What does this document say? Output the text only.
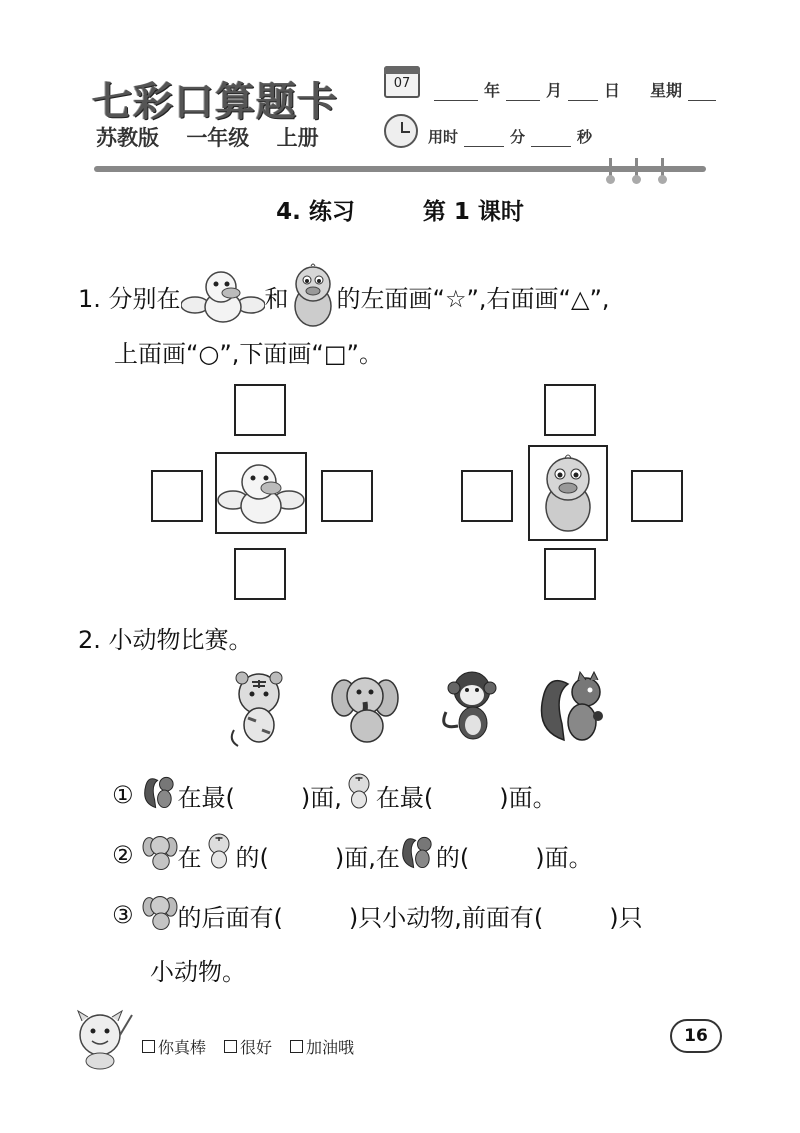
七彩口算题卡
苏教版 一年级 上册
07	年	月	日 星期
用时	分	秒
4. 练习	第 1 课时
1. 分别在	和 的左面画“☆”,右面画“△”,
上面画“○”,下面画“□”。
2. 小动物比赛。
① 在最(	)面, 在最(	)面。
② 在 的(	)面,在 的(	)面。
③ 的后面有(	)只小动物,前面有(	)只
小动物。
你真棒 很好 加油哦
16
